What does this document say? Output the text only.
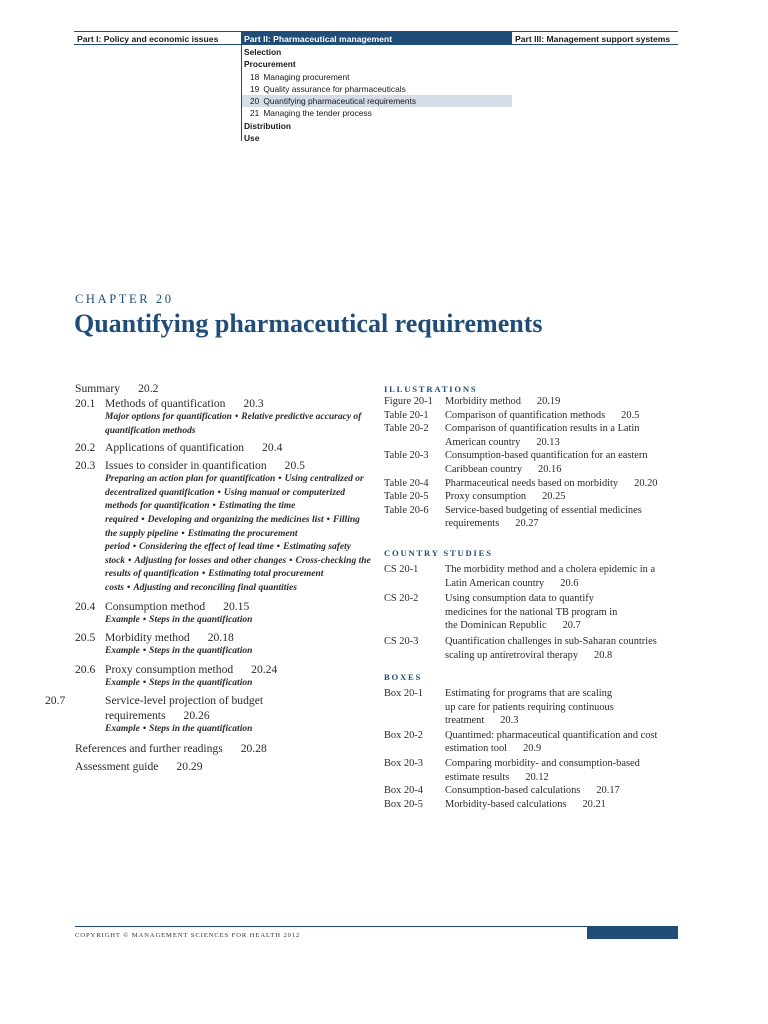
Part I: Policy and economic issues	Part II: Pharmaceutical management	Part III: Management support systems
Selection
Procurement
18 Managing procurement
19 Quality assurance for pharmaceuticals
20 Quantifying pharmaceutical requirements
21 Managing the tender process
Distribution
Use
CHAPTER 20
Quantifying pharmaceutical requirements
Summary 20.2
20.1 Methods of quantification 20.3
Major options for quantification • Relative predictive accuracy of quantification methods
20.2 Applications of quantification 20.4
20.3 Issues to consider in quantification 20.5
Preparing an action plan for quantification • Using centralized or decentralized quantification • Using manual or computerized methods for quantification • Estimating the time required • Developing and organizing the medicines list • Filling the supply pipeline • Estimating the procurement period • Considering the effect of lead time • Estimating safety stock • Adjusting for losses and other changes • Cross-checking the results of quantification • Estimating total procurement costs • Adjusting and reconciling final quantities
20.4 Consumption method 20.15
Example • Steps in the quantification
20.5 Morbidity method 20.18
Example • Steps in the quantification
20.6 Proxy consumption method 20.24
Example • Steps in the quantification
20.7	Service-level projection of budget requirements 20.26
Example • Steps in the quantification
References and further readings 20.28
Assessment guide 20.29
ILLUSTRATIONS
Figure 20-1	Morbidity method 20.19
Table 20-1	Comparison of quantification methods 20.5
Table 20-2	Comparison of quantification results in a Latin American country 20.13
Table 20-3	Consumption-based quantification for an eastern Caribbean country 20.16
Table 20-4	Pharmaceutical needs based on morbidity 20.20
Table 20-5	Proxy consumption 20.25
Table 20-6	Service-based budgeting of essential medicines requirements 20.27
COUNTRY STUDIES
CS 20-1	The morbidity method and a cholera epidemic in a Latin American country 20.6
CS 20-2	Using consumption data to quantify medicines for the national TB program in the Dominican Republic 20.7
CS 20-3	Quantification challenges in sub-Saharan countries scaling up antiretroviral therapy 20.8
BOXES
Box 20-1	Estimating for programs that are scaling up care for patients requiring continuous treatment 20.3
Box 20-2	Quantimed: pharmaceutical quantification and cost estimation tool 20.9
Box 20-3	Comparing morbidity- and consumption-based estimate results 20.12
Box 20-4	Consumption-based calculations 20.17
Box 20-5	Morbidity-based calculations 20.21
COPYRIGHT © MANAGEMENT SCIENCES FOR HEALTH 2012
